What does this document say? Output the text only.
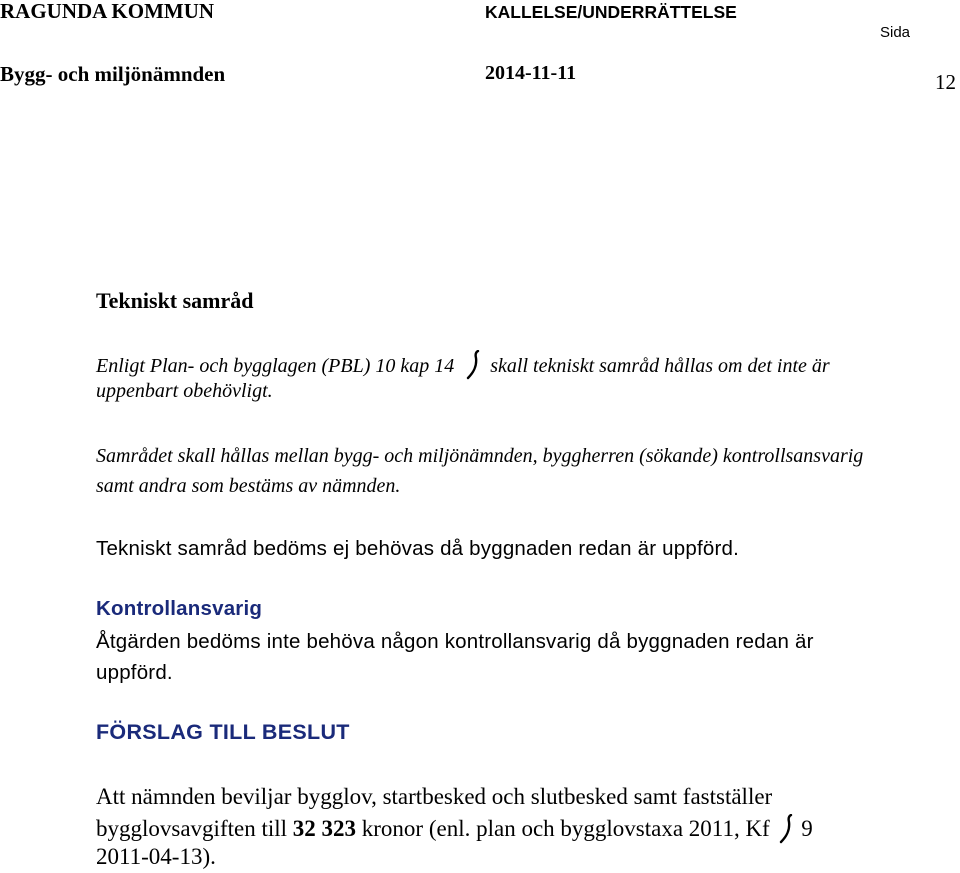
RAGUNDA KOMMUN	KALLELSE/UNDERRÄTTELSE
Sida
Bygg- och miljönämnden	2014-11-11	12
Tekniskt samråd
Enligt Plan- och bygglagen (PBL) 10 kap 14 skall tekniskt samråd hållas om det inte är
uppenbart obehövligt.
Samrådet skall hållas mellan bygg- och miljönämnden, byggherren (sökande) kontrollsansvarig
samt andra som bestäms av nämnden.
Tekniskt samråd bedöms ej behövas då byggnaden redan är uppförd.
Kontrollansvarig
Åtgärden bedöms inte behöva någon kontrollansvarig då byggnaden redan är
uppförd.
FÖRSLAG TILL BESLUT
Att nämnden beviljar bygglov, startbesked och slutbesked samt fastställer
bygglovsavgiften till 32 323 kronor (enl. plan och bygglovstaxa 2011, Kf 9
2011-04-13).
